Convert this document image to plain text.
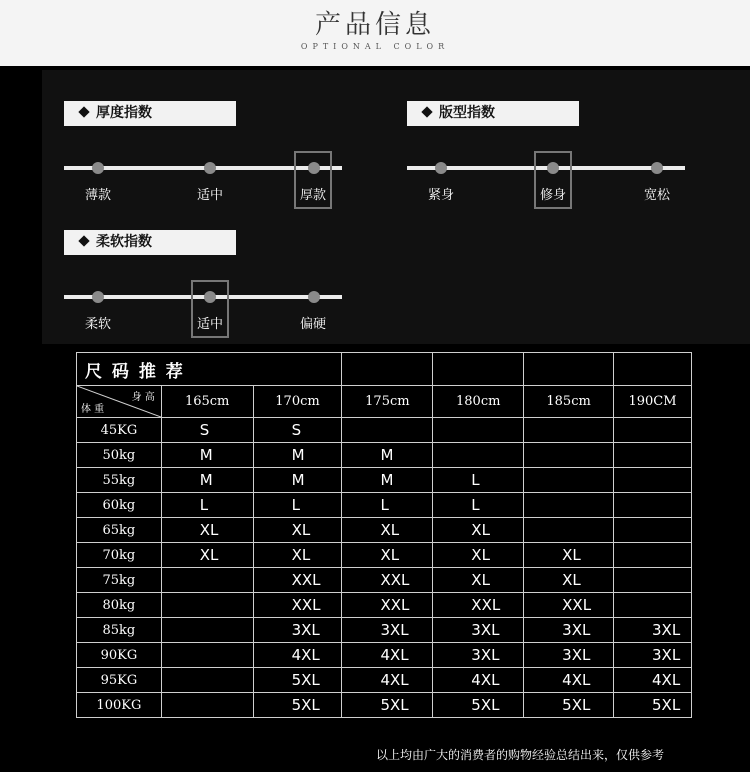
产品信息
OPTIONAL COLOR
厚度指数
薄款	适中	厚款
版型指数
紧身	修身	宽松
柔软指数
柔软	适中	偏硬
尺 码 推 荐						

身 高
体 重	165cm	170cm	175cm	180cm	185cm	190CM
45KG	S	S				
50kg	M	M	M			
55kg	M	M	M	L		
60kg	L	L	L	L		
65kg	XL	XL	XL	XL		
70kg	XL	XL	XL	XL	XL	
75kg		XXL	XXL	XL	XL	
80kg		XXL	XXL	XXL	XXL	
85kg		3XL	3XL	3XL	3XL	3XL
90KG		4XL	4XL	3XL	3XL	3XL
95KG		5XL	4XL	4XL	4XL	4XL
100KG		5XL	5XL	5XL	5XL	5XL
以上均由广大的消费者的购物经验总结出来，仅供参考
